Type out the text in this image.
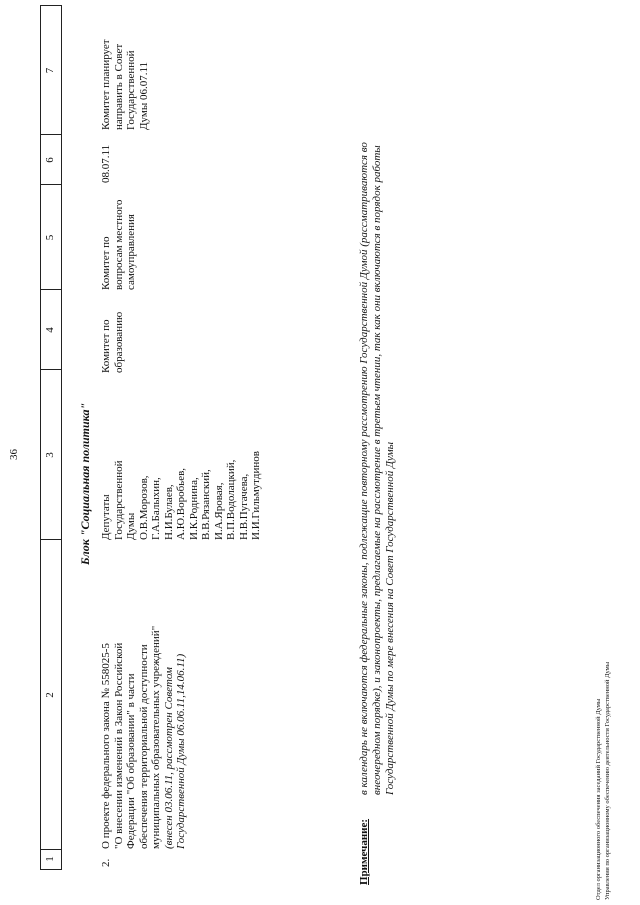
36
1
2
3
4
5
6
7
Блок "Социальная политика"
2.
О проекте федерального закона № 558025-5
"О внесении изменений в Закон Российской
Федерации "Об образовании" в части
обеспечения территориальной доступности
муниципальных образовательных учреждений"
(внесен 03.06.11, рассмотрен Советом
Государственной Думы 06.06.11,14.06.11)
Депутаты
Государственной
Думы
О.В.Морозов,
Г.А.Балыхин,
Н.И.Булаев,
А.Ю.Воробьев,
И.К.Роднина,
В.В.Рязанский,
И.А.Яровая,
В.П.Водолацкий,
Н.В.Пугачева,
И.И.Гильмутдинов
Комитет по
образованию
Комитет по
вопросам местного
самоуправления
08.07.11
Комитет планирует
направить в Совет
Государственной
Думы 06.07.11
Примечание:
в календарь не включаются федеральные законы, подлежащие повторному рассмотрению Государственной Думой (рассматриваются во
внеочередном порядке), и законопроекты, предлагаемые на рассмотрение в третьем чтении, так как они включаются в порядок работы
Государственной Думы по мере внесения на Совет Государственной Думы
Отдел организационного обеспечения заседаний Государственной Думы Управления по организационному обеспечению деятельности Государственной Думы
